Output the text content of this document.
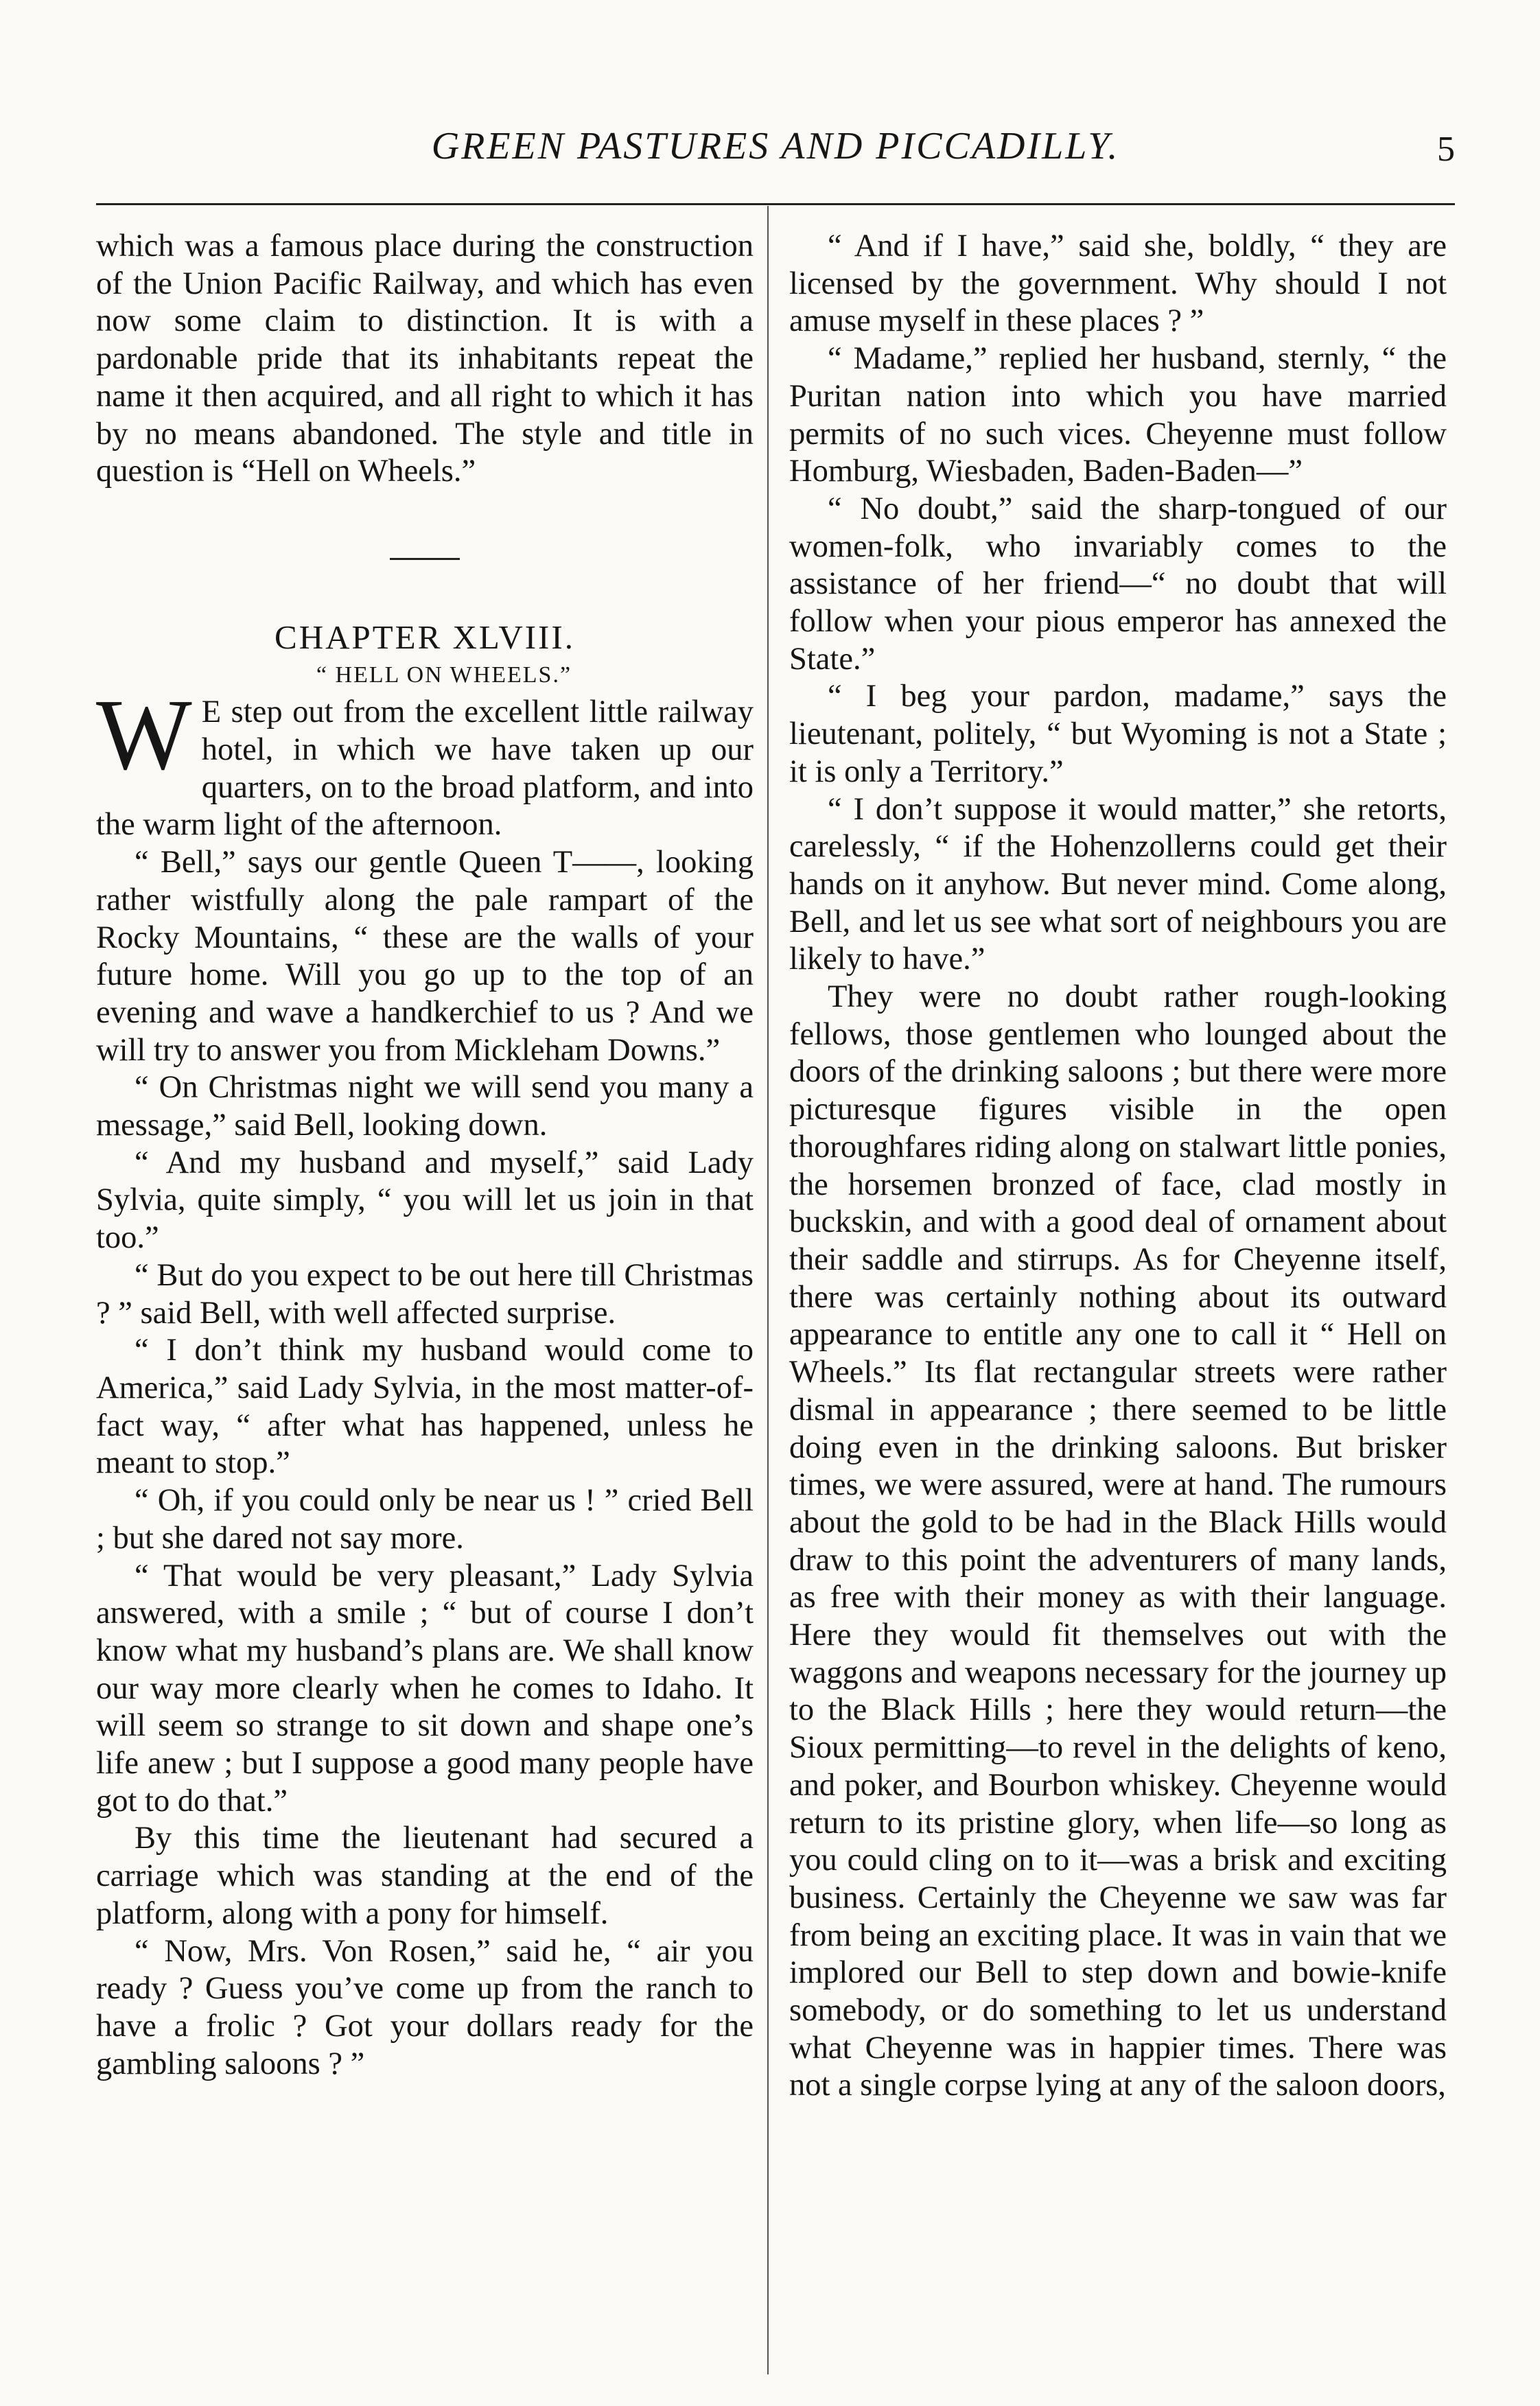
GREEN PASTURES AND PICCADILLY.	5

which was a famous place during the construction of the Union Pacific Railway, and which has even now some claim to distinction. It is with a pardonable pride that its inhabitants repeat the name it then acquired, and all right to which it has by no means abandoned. The style and title in question is “Hell on Wheels.”

CHAPTER XLVIII.

“ HELL ON WHEELS.”

W E step out from the excellent little railway hotel, in which we have taken up our quarters, on to the broad platform, and into the warm light of the afternoon.

“ Bell,” says our gentle Queen T——, looking rather wistfully along the pale rampart of the Rocky Mountains, “ these are the walls of your future home. Will you go up to the top of an evening and wave a handkerchief to us ? And we will try to answer you from Mickleham Downs.”

“ On Christmas night we will send you many a message,” said Bell, looking down.

“ And my husband and myself,” said Lady Sylvia, quite simply, “ you will let us join in that too.”

“ But do you expect to be out here till Christmas ? ” said Bell, with well affected surprise.

“ I don’t think my husband would come to America,” said Lady Sylvia, in the most matter-of-fact way, “ after what has happened, unless he meant to stop.”

“ Oh, if you could only be near us ! ” cried Bell ; but she dared not say more.

“ That would be very pleasant,” Lady Sylvia answered, with a smile ; “ but of course I don’t know what my husband’s plans are. We shall know our way more clearly when he comes to Idaho. It will seem so strange to sit down and shape one’s life anew ; but I suppose a good many people have got to do that.”

By this time the lieutenant had secured a carriage which was standing at the end of the platform, along with a pony for himself.

“ Now, Mrs. Von Rosen,” said he, “ air you ready ? Guess you’ve come up from the ranch to have a frolic ? Got your dollars ready for the gambling saloons ? ”

“ And if I have,” said she, boldly, “ they are licensed by the government. Why should I not amuse myself in these places ? ”

“ Madame,” replied her husband, sternly, “ the Puritan nation into which you have married permits of no such vices. Cheyenne must follow Homburg, Wiesbaden, Baden-Baden—”

“ No doubt,” said the sharp-tongued of our women-folk, who invariably comes to the assistance of her friend—“ no doubt that will follow when your pious emperor has annexed the State.”

“ I beg your pardon, madame,” says the lieutenant, politely, “ but Wyoming is not a State ; it is only a Territory.”

“ I don’t suppose it would matter,” she retorts, carelessly, “ if the Hohenzollerns could get their hands on it anyhow. But never mind. Come along, Bell, and let us see what sort of neighbours you are likely to have.”

They were no doubt rather rough-looking fellows, those gentlemen who lounged about the doors of the drinking saloons ; but there were more picturesque figures visible in the open thoroughfares riding along on stalwart little ponies, the horsemen bronzed of face, clad mostly in buckskin, and with a good deal of ornament about their saddle and stirrups. As for Cheyenne itself, there was certainly nothing about its outward appearance to entitle any one to call it “ Hell on Wheels.” Its flat rectangular streets were rather dismal in appearance ; there seemed to be little doing even in the drinking saloons. But brisker times, we were assured, were at hand. The rumours about the gold to be had in the Black Hills would draw to this point the adventurers of many lands, as free with their money as with their language. Here they would fit themselves out with the waggons and weapons necessary for the journey up to the Black Hills ; here they would return—the Sioux permitting—to revel in the delights of keno, and poker, and Bourbon whiskey. Cheyenne would return to its pristine glory, when life—so long as you could cling on to it—was a brisk and exciting business. Certainly the Cheyenne we saw was far from being an exciting place. It was in vain that we implored our Bell to step down and bowie-knife somebody, or do something to let us understand what Cheyenne was in happier times. There was not a single corpse lying at any of the saloon doors,
